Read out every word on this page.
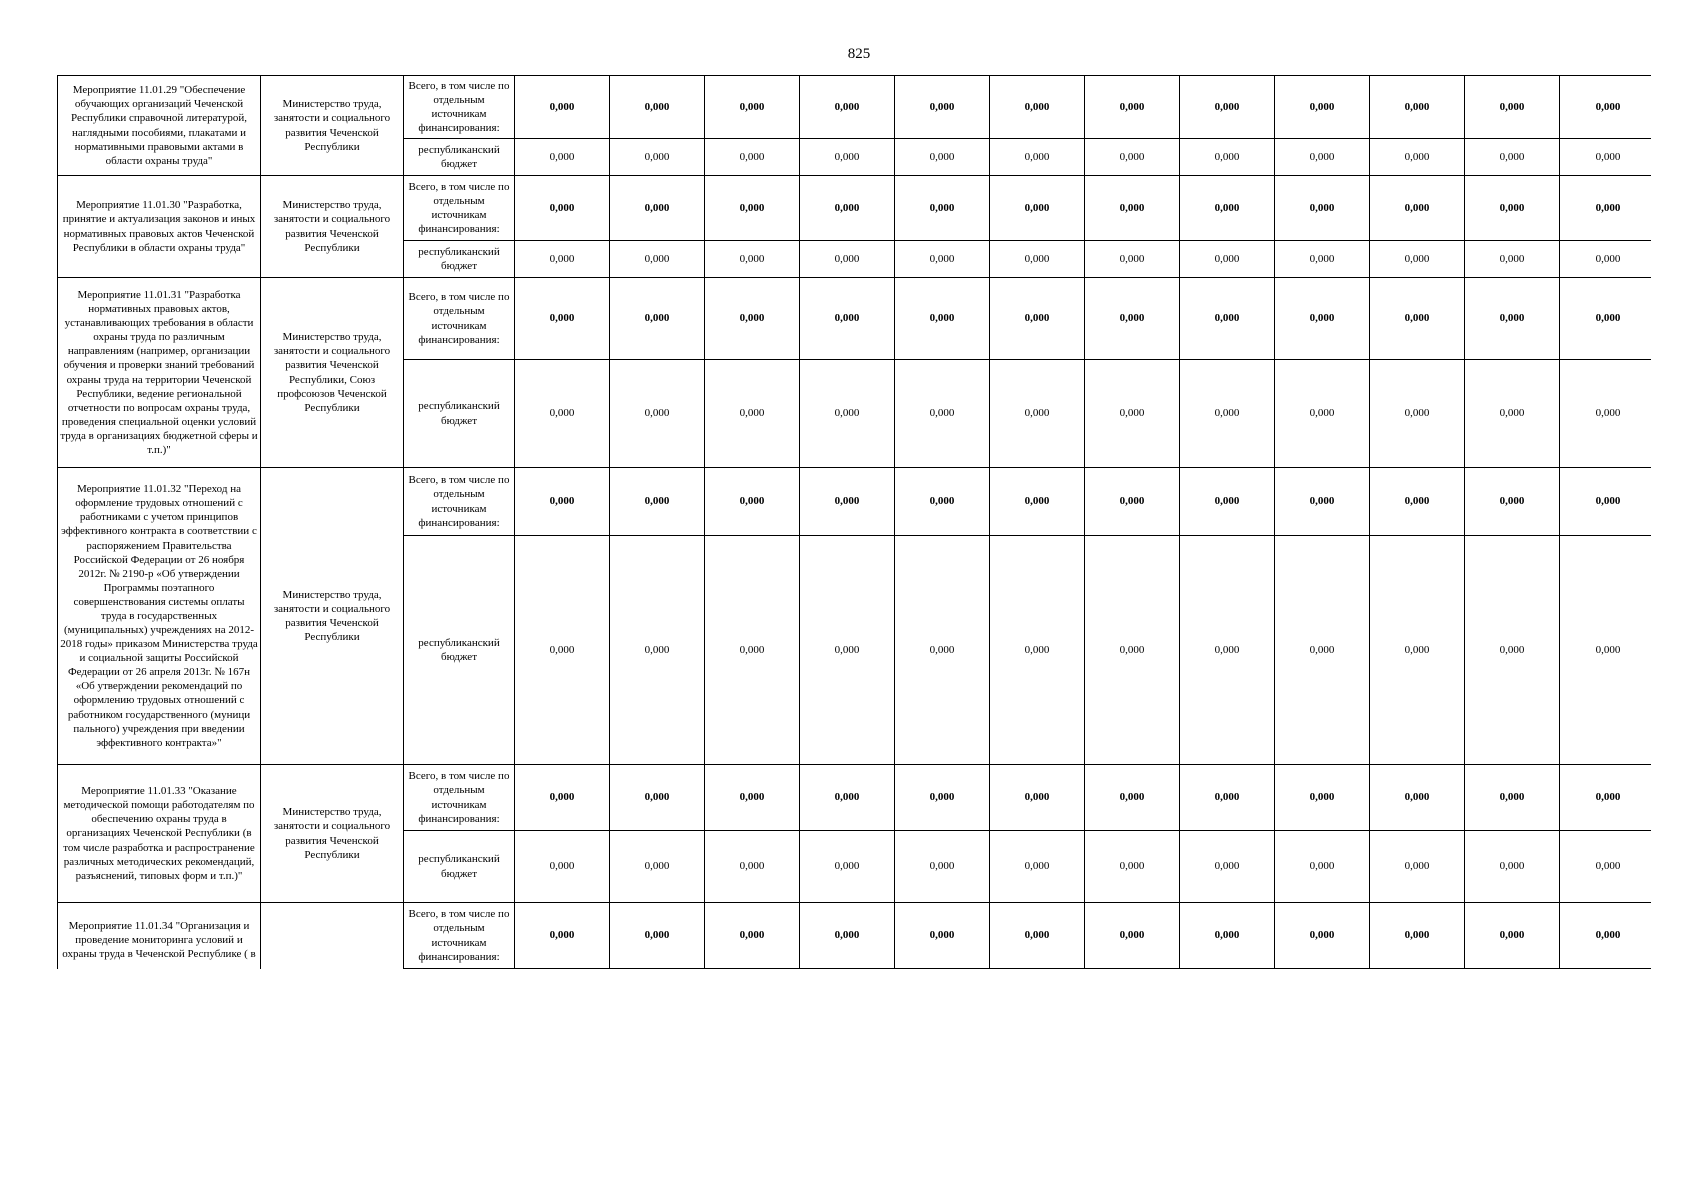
825
Мероприятие 11.01.29 "Обеспечение обучающих организаций Чеченской Республики справочной литературой, наглядными пособиями, плакатами и нормативными правовыми актами в области охраны труда"	Министерство труда, занятости и социального развития Чеченской Республики	Всего, в том числе по отдельным источникам финансирования:	0,000	0,000	0,000	0,000	0,000	0,000	0,000	0,000	0,000	0,000	0,000	0,000
		республиканский бюджет	0,000	0,000	0,000	0,000	0,000	0,000	0,000	0,000	0,000	0,000	0,000	0,000
Мероприятие 11.01.30 "Разработка, принятие и актуализация законов и иных нормативных правовых актов Чеченской Республики в области охраны труда"	Министерство труда, занятости и социального развития Чеченской Республики	Всего, в том числе по отдельным источникам финансирования:	0,000	0,000	0,000	0,000	0,000	0,000	0,000	0,000	0,000	0,000	0,000	0,000
		республиканский бюджет	0,000	0,000	0,000	0,000	0,000	0,000	0,000	0,000	0,000	0,000	0,000	0,000
Мероприятие 11.01.31 "Разработка нормативных правовых актов, устанавливающих требования в области охраны труда по различным направлениям (например, организации обучения и проверки знаний требований охраны труда на территории Чеченской Республики, ведение региональной отчетности по вопросам охраны труда, проведения специальной оценки условий труда в организациях бюджетной сферы и т.п.)"	Министерство труда, занятости и социального развития Чеченской Республики, Союз профсоюзов Чеченской Республики	Всего, в том числе по отдельным источникам финансирования:	0,000	0,000	0,000	0,000	0,000	0,000	0,000	0,000	0,000	0,000	0,000	0,000
		республиканский бюджет	0,000	0,000	0,000	0,000	0,000	0,000	0,000	0,000	0,000	0,000	0,000	0,000
Мероприятие 11.01.32 "Переход на оформление трудовых отношений с работниками с учетом принципов эффективного контракта в соответствии с распоряжением Правительства Российской Федерации от 26 ноября 2012г. № 2190-р «Об утверждении Программы поэтапного совершенствования системы оплаты труда в государственных (муниципальных) учреждениях на 2012-2018 годы» приказом Министерства труда и социальной защиты Российской Федерации от 26 апреля 2013г. № 167н «Об утверждении рекомендаций по оформлению трудовых отношений с работником государственного (муници пального) учреждения при введении эффективного контракта»"	Министерство труда, занятости и социального развития Чеченской Республики	Всего, в том числе по отдельным источникам финансирования:	0,000	0,000	0,000	0,000	0,000	0,000	0,000	0,000	0,000	0,000	0,000	0,000
		республиканский бюджет	0,000	0,000	0,000	0,000	0,000	0,000	0,000	0,000	0,000	0,000	0,000	0,000
Мероприятие 11.01.33 "Оказание методической помощи работодателям по обеспечению охраны труда в организациях Чеченской Республики (в том числе разработка и распространение различных методических рекомендаций, разъяснений, типовых форм и т.п.)"	Министерство труда, занятости и социального развития Чеченской Республики	Всего, в том числе по отдельным источникам финансирования:	0,000	0,000	0,000	0,000	0,000	0,000	0,000	0,000	0,000	0,000	0,000	0,000
		республиканский бюджет	0,000	0,000	0,000	0,000	0,000	0,000	0,000	0,000	0,000	0,000	0,000	0,000
Мероприятие 11.01.34 "Организация и проведение мониторинга условий и охраны труда в Чеченской Республике ( в		Всего, в том числе по отдельным источникам финансирования:	0,000	0,000	0,000	0,000	0,000	0,000	0,000	0,000	0,000	0,000	0,000	0,000
